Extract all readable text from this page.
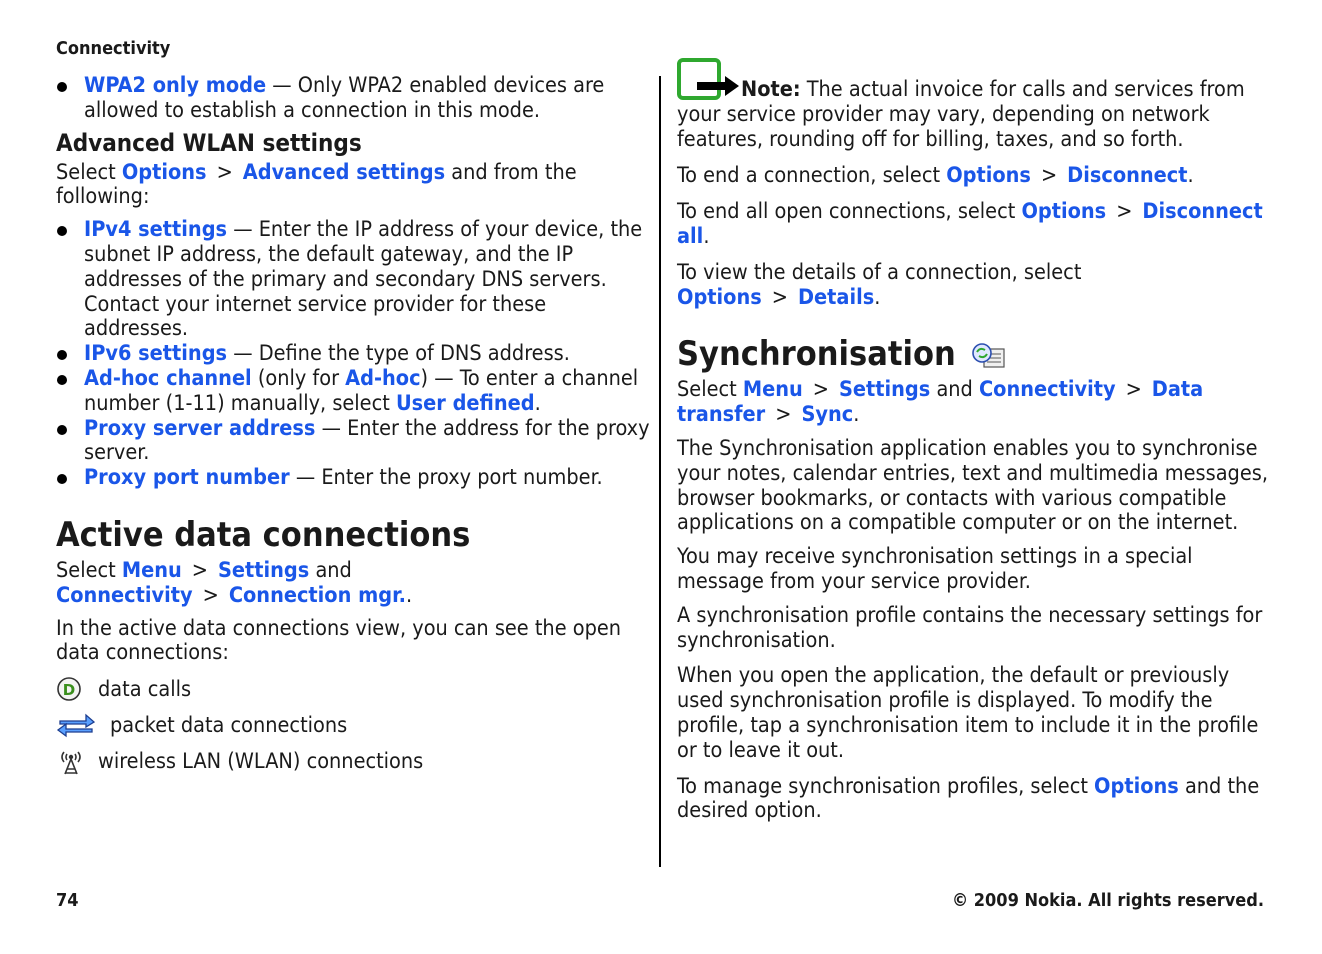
Connectivity
WPA2 only mode — Only WPA2 enabled devices are allowed to establish a connection in this mode.
Advanced WLAN settings

Select Options > Advanced settings and from the following:

IPv4 settings — Enter the IP address of your device, the subnet IP address, the default gateway, and the IP addresses of the primary and secondary DNS servers. Contact your internet service provider for these addresses.
IPv6 settings — Define the type of DNS address.
Ad-hoc channel (only for Ad-hoc) — To enter a channel number (1-11) manually, select User defined.
Proxy server address — Enter the address for the proxy server.
Proxy port number — Enter the proxy port number.
Active data connections

Select Menu > Settings and Connectivity > Connection mgr..

In the active data connections view, you can see the open data connections:

D data calls
packet data connections
wireless LAN (WLAN) connections

Note: The actual invoice for calls and services from your service provider may vary, depending on network features, rounding off for billing, taxes, and so forth.

To end a connection, select Options > Disconnect.

To end all open connections, select Options > Disconnect all.

To view the details of a connection, select Options > Details.

Synchronisation

Select Menu > Settings and Connectivity > Data transfer > Sync.

The Synchronisation application enables you to synchronise your notes, calendar entries, text and multimedia messages, browser bookmarks, or contacts with various compatible applications on a compatible computer or on the internet.

You may receive synchronisation settings in a special message from your service provider.

A synchronisation profile contains the necessary settings for synchronisation.

When you open the application, the default or previously used synchronisation profile is displayed. To modify the profile, tap a synchronisation item to include it in the profile or to leave it out.

To manage synchronisation profiles, select Options and the desired option.

74	© 2009 Nokia. All rights reserved.
